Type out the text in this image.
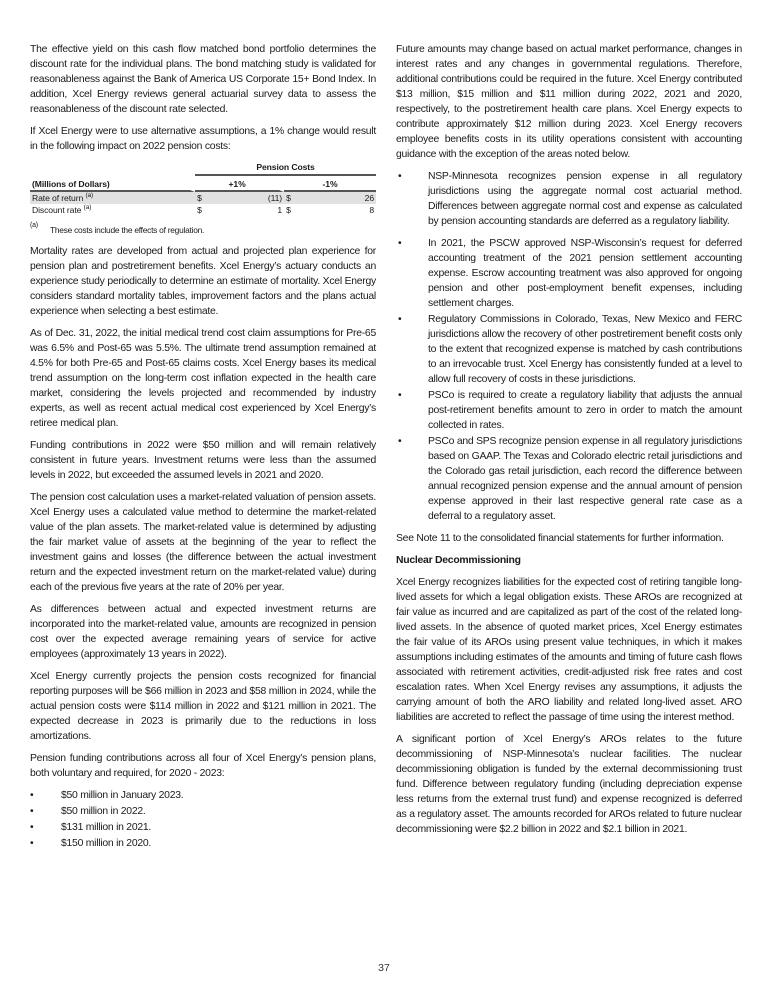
The effective yield on this cash flow matched bond portfolio determines the discount rate for the individual plans. The bond matching study is validated for reasonableness against the Bank of America US Corporate 15+ Bond Index. In addition, Xcel Energy reviews general actuarial survey data to assess the reasonableness of the discount rate selected.

If Xcel Energy were to use alternative assumptions, a 1% change would result in the following impact on 2022 pension costs:

	Pension Costs			
(Millions of Dollars)	+1%		-1%	
Rate of return $^{(a)}$	$	(11)	$	26
Discount rate $^{(a)}$	$	1	$	8
(a)	These costs include the effects of regulation.

Mortality rates are developed from actual and projected plan experience for pension plan and postretirement benefits. Xcel Energy’s actuary conducts an experience study periodically to determine an estimate of mortality. Xcel Energy considers standard mortality tables, improvement factors and the plans actual experience when selecting a best estimate.

As of Dec. 31, 2022, the initial medical trend cost claim assumptions for Pre-65 was 6.5% and Post-65 was 5.5%. The ultimate trend assumption remained at 4.5% for both Pre-65 and Post-65 claims costs. Xcel Energy bases its medical trend assumption on the long-term cost inflation expected in the health care market, considering the levels projected and recommended by industry experts, as well as recent actual medical cost experienced by Xcel Energy’s retiree medical plan.

Funding contributions in 2022 were $50 million and will remain relatively consistent in future years. Investment returns were less than the assumed levels in 2022, but exceeded the assumed levels in 2021 and 2020.

The pension cost calculation uses a market-related valuation of pension assets. Xcel Energy uses a calculated value method to determine the market-related value of the plan assets. The market-related value is determined by adjusting the fair market value of assets at the beginning of the year to reflect the investment gains and losses (the difference between the actual investment return and the expected investment return on the market-related value) during each of the previous five years at the rate of 20% per year.

As differences between actual and expected investment returns are incorporated into the market-related value, amounts are recognized in pension cost over the expected average remaining years of service for active employees (approximately 13 years in 2022).

Xcel Energy currently projects the pension costs recognized for financial reporting purposes will be $66 million in 2023 and $58 million in 2024, while the actual pension costs were $114 million in 2022 and $121 million in 2021. The expected decrease in 2023 is primarily due to the reductions in loss amortizations.

Pension funding contributions across all four of Xcel Energy’s pension plans, both voluntary and required, for 2020 - 2023:

•	$50 million in January 2023.
•	$50 million in 2022.
•	$131 million in 2021.
•	$150 million in 2020.

Future amounts may change based on actual market performance, changes in interest rates and any changes in governmental regulations. Therefore, additional contributions could be required in the future. Xcel Energy contributed $13 million, $15 million and $11 million during 2022, 2021 and 2020, respectively, to the postretirement health care plans. Xcel Energy expects to contribute approximately $12 million during 2023. Xcel Energy recovers employee benefits costs in its utility operations consistent with accounting guidance with the exception of the areas noted below.

•	NSP-Minnesota recognizes pension expense in all regulatory jurisdictions using the aggregate normal cost actuarial method. Differences between aggregate normal cost and expense as calculated by pension accounting standards are deferred as a regulatory liability.
•	In 2021, the PSCW approved NSP-Wisconsin’s request for deferred accounting treatment of the 2021 pension settlement accounting expense. Escrow accounting treatment was also approved for ongoing pension and other post-employment benefit expenses, including settlement charges.
•	Regulatory Commissions in Colorado, Texas, New Mexico and FERC jurisdictions allow the recovery of other postretirement benefit costs only to the extent that recognized expense is matched by cash contributions to an irrevocable trust. Xcel Energy has consistently funded at a level to allow full recovery of costs in these jurisdictions.
•	PSCo is required to create a regulatory liability that adjusts the annual post-retirement benefits amount to zero in order to match the amount collected in rates.
•	PSCo and SPS recognize pension expense in all regulatory jurisdictions based on GAAP. The Texas and Colorado electric retail jurisdictions and the Colorado gas retail jurisdiction, each record the difference between annual recognized pension expense and the annual amount of pension expense approved in their last respective general rate case as a deferral to a regulatory asset.

See Note 11 to the consolidated financial statements for further information.

Nuclear Decommissioning

Xcel Energy recognizes liabilities for the expected cost of retiring tangible long-lived assets for which a legal obligation exists. These AROs are recognized at fair value as incurred and are capitalized as part of the cost of the related long-lived assets. In the absence of quoted market prices, Xcel Energy estimates the fair value of its AROs using present value techniques, in which it makes assumptions including estimates of the amounts and timing of future cash flows associated with retirement activities, credit-adjusted risk free rates and cost escalation rates. When Xcel Energy revises any assumptions, it adjusts the carrying amount of both the ARO liability and related long-lived asset. ARO liabilities are accreted to reflect the passage of time using the interest method.

A significant portion of Xcel Energy’s AROs relates to the future decommissioning of NSP-Minnesota’s nuclear facilities. The nuclear decommissioning obligation is funded by the external decommissioning trust fund. Difference between regulatory funding (including depreciation expense less returns from the external trust fund) and expense recognized is deferred as a regulatory asset. The amounts recorded for AROs related to future nuclear decommissioning were $2.2 billion in 2022 and $2.1 billion in 2021.

37
